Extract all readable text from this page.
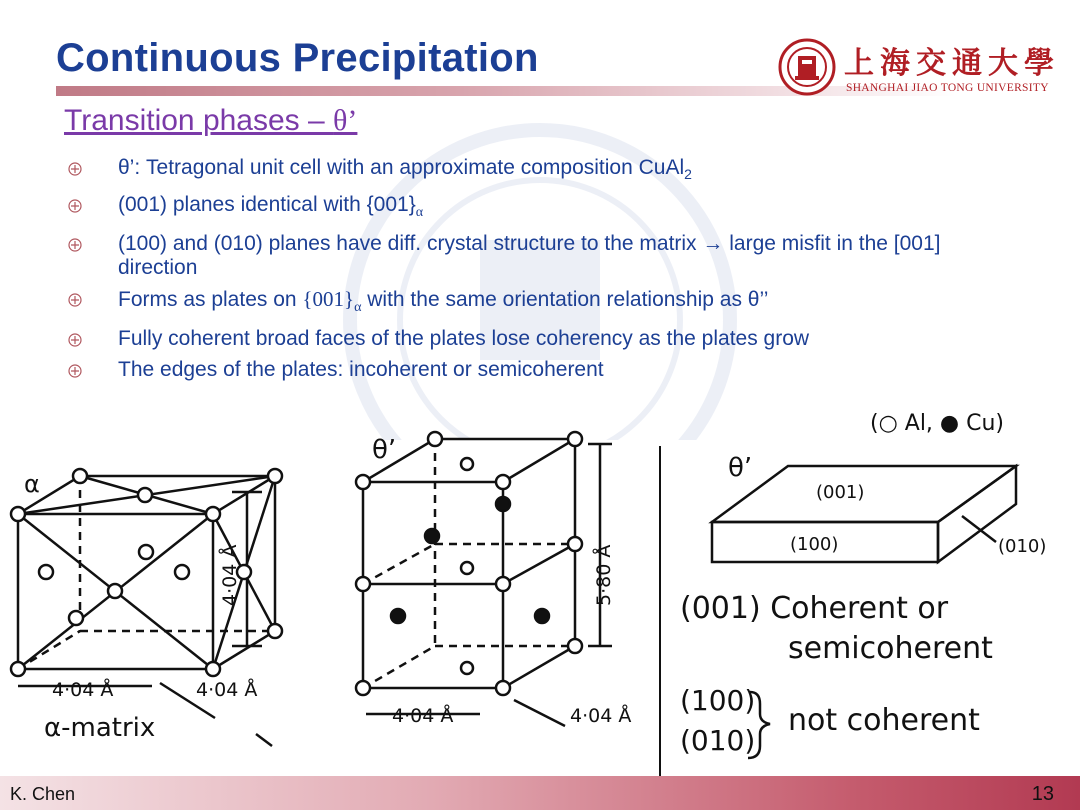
Continuous Precipitation	上海交通大學
SHANGHAI JIAO TONG UNIVERSITY
Transition phases – θ’
θ’: Tetragonal unit cell with an approximate composition CuAl$_2$
(001) planes identical with $\{001\}_\alpha$
(100) and (010) planes have diff. crystal structure to the matrix → large misfit in the [001] direction
Forms as plates on $\{001\}_\alpha$ with the same orientation relationship as θ’’
Fully coherent broad faces of the plates lose coherency as the plates grow
The edges of the plates: incoherent or semicoherent
(○ Al, ● Cu)
α
4·04 Å
4·04 Å	4·04 Å
α-matrix
θ’
5·80 Å
4·04 Å	4·04 Å
θ’
(001)
(100)	(010)
(001) Coherent or
semicoherent
(100)
(010)
not coherent
K. Chen	13
